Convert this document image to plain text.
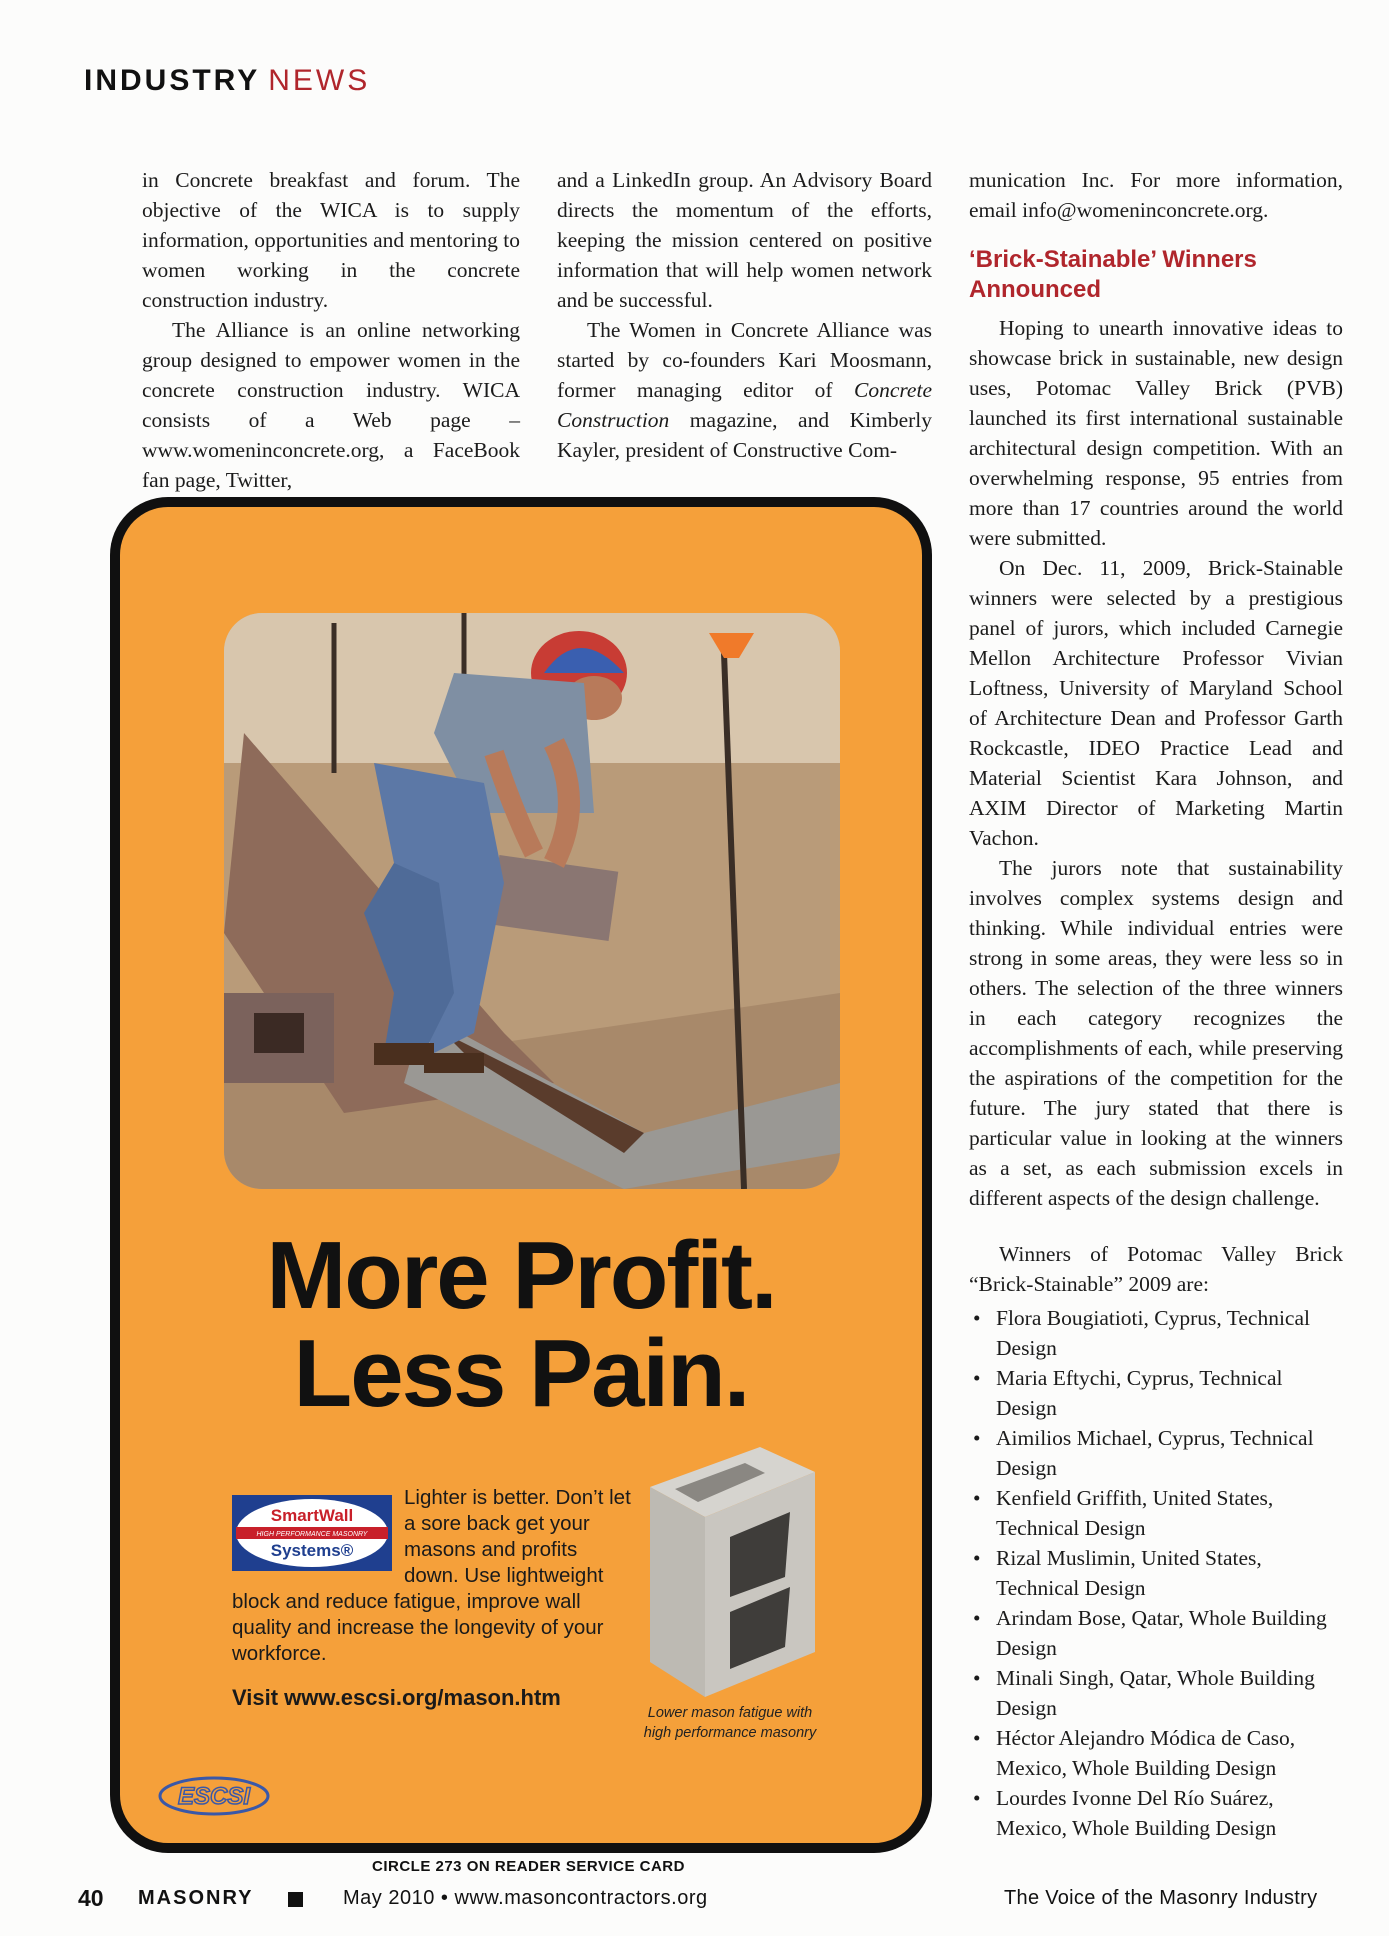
INDUSTRY NEWS

in Concrete breakfast and forum. The objective of the WICA is to supply information, opportunities and mentoring to women working in the concrete construction industry.

The Alliance is an online networking group designed to empower women in the concrete construction industry. WICA consists of a Web page – www.womeninconcrete.org, a FaceBook fan page, Twitter,

and a LinkedIn group. An Advisory Board directs the momentum of the efforts, keeping the mission centered on positive information that will help women network and be successful.

The Women in Concrete Alliance was started by co-founders Kari Moosmann, former managing editor of Concrete Construction magazine, and Kimberly Kayler, president of Constructive Com-

munication Inc. For more information, email info@womeninconcrete.org.

‘Brick-Stainable’ Winners Announced

Hoping to unearth innovative ideas to showcase brick in sustainable, new design uses, Potomac Valley Brick (PVB) launched its first international sustainable architectural design competition. With an overwhelming response, 95 entries from more than 17 countries around the world were submitted.

On Dec. 11, 2009, Brick-Stainable winners were selected by a prestigious panel of jurors, which included Carnegie Mellon Architecture Professor Vivian Loftness, University of Maryland School of Architecture Dean and Professor Garth Rockcastle, IDEO Practice Lead and Material Scientist Kara Johnson, and AXIM Director of Marketing Martin Vachon.

The jurors note that sustainability involves complex systems design and thinking. While individual entries were strong in some areas, they were less so in others. The selection of the three winners in each category recognizes the accomplishments of each, while preserving the aspirations of the competition for the future. The jury stated that there is particular value in looking at the winners as a set, as each submission excels in different aspects of the design challenge.

Winners of Potomac Valley Brick “Brick-Stainable” 2009 are:

• Flora Bougiatioti, Cyprus, Technical Design
• Maria Eftychi, Cyprus, Technical Design
• Aimilios Michael, Cyprus, Technical Design
• Kenfield Griffith, United States, Technical Design
• Rizal Muslimin, United States, Technical Design
• Arindam Bose, Qatar, Whole Building Design
• Minali Singh, Qatar, Whole Building Design
• Héctor Alejandro Módica de Caso, Mexico, Whole Building Design
• Lourdes Ivonne Del Río Suárez, Mexico, Whole Building Design
More Profit.
Less Pain.
SmartWall
HIGH PERFORMANCE MASONRY
Systems®
Lighter is better. Don’t let a sore back get your masons and profits down. Use lightweight block and reduce fatigue, improve wall quality and increase the longevity of your workforce.
Visit www.escsi.org/mason.htm
Lower mason fatigue with high performance masonry
ESCSI
CIRCLE 273 ON READER SERVICE CARD
40 MASONRY	May 2010 • www.masoncontractors.org	The Voice of the Masonry Industry
